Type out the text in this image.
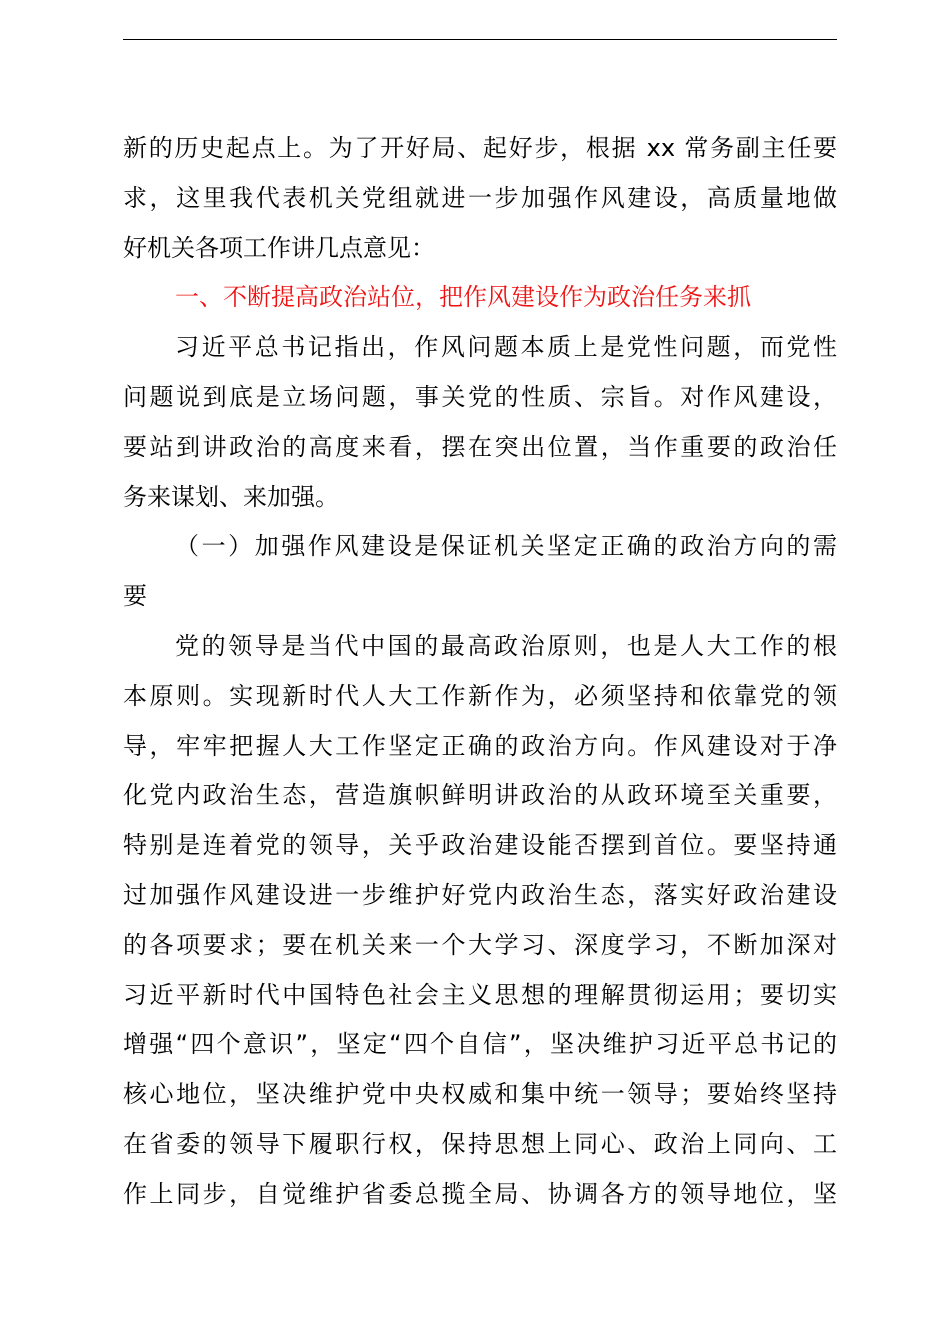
新的历史起点上。为了开好局、起好步，根据 xx 常务副主任要
求，这里我代表机关党组就进一步加强作风建设，高质量地做
好机关各项工作讲几点意见：
一、不断提高政治站位，把作风建设作为政治任务来抓
习近平总书记指出，作风问题本质上是党性问题，而党性
问题说到底是立场问题，事关党的性质、宗旨。对作风建设，
要站到讲政治的高度来看，摆在突出位置，当作重要的政治任
务来谋划、来加强。
（一）加强作风建设是保证机关坚定正确的政治方向的需
要
党的领导是当代中国的最高政治原则，也是人大工作的根
本原则。实现新时代人大工作新作为，必须坚持和依靠党的领
导，牢牢把握人大工作坚定正确的政治方向。作风建设对于净
化党内政治生态，营造旗帜鲜明讲政治的从政环境至关重要，
特别是连着党的领导，关乎政治建设能否摆到首位。要坚持通
过加强作风建设进一步维护好党内政治生态，落实好政治建设
的各项要求；要在机关来一个大学习、深度学习，不断加深对
习近平新时代中国特色社会主义思想的理解贯彻运用；要切实
增强“四个意识”，坚定“四个自信”，坚决维护习近平总书记的
核心地位，坚决维护党中央权威和集中统一领导；要始终坚持
在省委的领导下履职行权，保持思想上同心、政治上同向、工
作上同步，自觉维护省委总揽全局、协调各方的领导地位，坚
